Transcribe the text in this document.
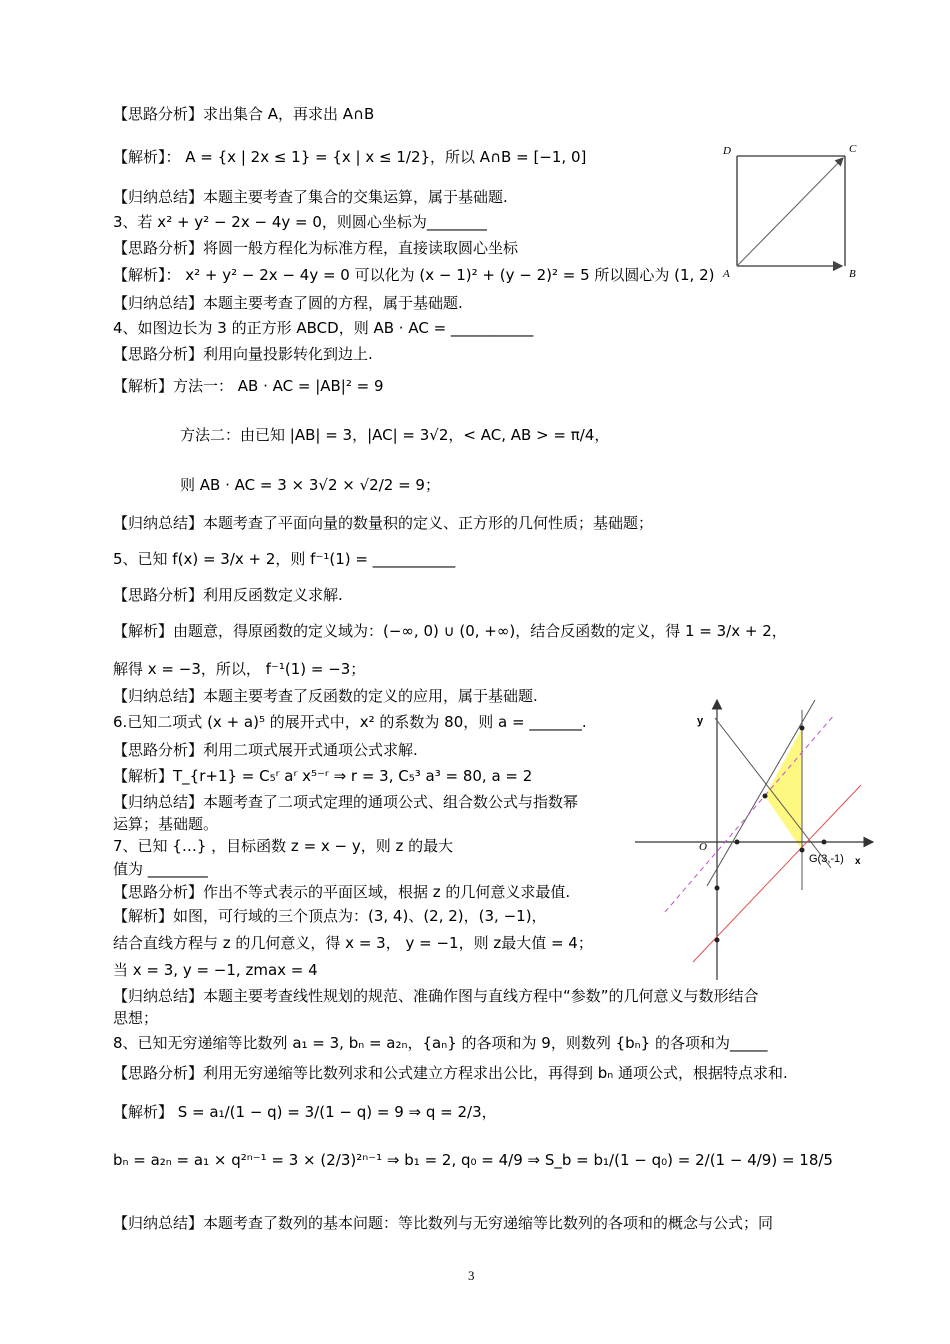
【思路分析】求出集合 A，再求出 A∩B
【解析】： A = {x | 2x ≤ 1} = {x | x ≤ 1/2}，所以 A∩B = [−1, 0]
【归纳总结】本题主要考查了集合的交集运算，属于基础题.
3、若 x² + y² − 2x − 4y = 0，则圆心坐标为________
【思路分析】将圆一般方程化为标准方程，直接读取圆心坐标
【解析】： x² + y² − 2x − 4y = 0 可以化为 (x − 1)² + (y − 2)² = 5 所以圆心为 (1, 2)
【归纳总结】本题主要考查了圆的方程，属于基础题.
4、如图边长为 3 的正方形 ABCD，则 AB · AC = ___________
【思路分析】利用向量投影转化到边上.
【解析】方法一： AB · AC = |AB|² = 9
方法二：由已知 |AB| = 3，|AC| = 3√2，< AC, AB > = π/4，
则 AB · AC = 3 × 3√2 × √2/2 = 9；
【归纳总结】本题考查了平面向量的数量积的定义、正方形的几何性质；基础题；
5、已知 f(x) = 3/x + 2，则 f⁻¹(1) = ___________
【思路分析】利用反函数定义求解.
【解析】由题意，得原函数的定义域为：(−∞, 0) ∪ (0, +∞)，结合反函数的定义，得 1 = 3/x + 2，
解得 x = −3，所以， f⁻¹(1) = −3；
【归纳总结】本题主要考查了反函数的定义的应用，属于基础题.
6.已知二项式 (x + a)⁵ 的展开式中，x² 的系数为 80，则 a = _______.
【思路分析】利用二项式展开式通项公式求解.
【解析】T_{r+1} = C₅ʳ aʳ x⁵⁻ʳ ⇒ r = 3, C₅³ a³ = 80, a = 2
【归纳总结】本题考查了二项式定理的通项公式、组合数公式与指数幂
运算；基础题。
7、已知 {…} ，目标函数 z = x − y，则 z 的最大
值为 ________
【思路分析】作出不等式表示的平面区域，根据 z 的几何意义求最值.
【解析】如图，可行域的三个顶点为：(3, 4)、(2, 2)，(3, −1)，
结合直线方程与 z 的几何意义，得 x = 3， y = −1，则 z最大值 = 4；
当 x = 3, y = −1, zmax = 4
【归纳总结】本题主要考查线性规划的规范、准确作图与直线方程中“参数”的几何意义与数形结合
思想；
8、已知无穷递缩等比数列 a₁ = 3, bₙ = a₂ₙ，{aₙ} 的各项和为 9，则数列 {bₙ} 的各项和为_____
【思路分析】利用无穷递缩等比数列求和公式建立方程求出公比，再得到 bₙ 通项公式，根据特点求和.
【解析】 S = a₁/(1 − q) = 3/(1 − q) = 9 ⇒ q = 2/3，
bₙ = a₂ₙ = a₁ × q²ⁿ⁻¹ = 3 × (2/3)²ⁿ⁻¹ ⇒ b₁ = 2, q₀ = 4/9 ⇒ S_b = b₁/(1 − q₀) = 2/(1 − 4/9) = 18/5
【归纳总结】本题考查了数列的基本问题：等比数列与无穷递缩等比数列的各项和的概念与公式；同
D	C
A	B
y
x
O
G(3,-1)
3
